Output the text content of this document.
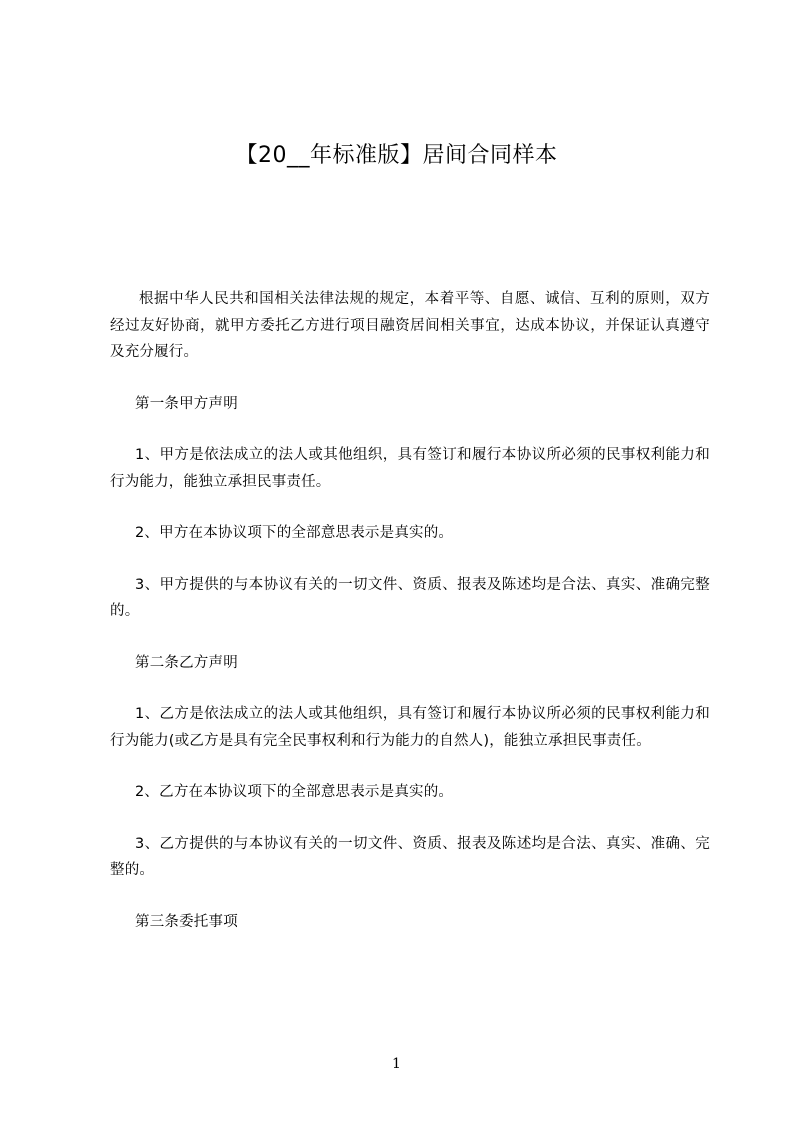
【20__年标准版】居间合同样本

根据中华人民共和国相关法律法规的规定，本着平等、自愿、诚信、互利的原则，双方经过友好协商，就甲方委托乙方进行项目融资居间相关事宜，达成本协议，并保证认真遵守及充分履行。

第一条甲方声明

1、甲方是依法成立的法人或其他组织，具有签订和履行本协议所必须的民事权利能力和行为能力，能独立承担民事责任。

2、甲方在本协议项下的全部意思表示是真实的。

3、甲方提供的与本协议有关的一切文件、资质、报表及陈述均是合法、真实、准确完整的。

第二条乙方声明

1、乙方是依法成立的法人或其他组织，具有签订和履行本协议所必须的民事权利能力和行为能力(或乙方是具有完全民事权利和行为能力的自然人)，能独立承担民事责任。

2、乙方在本协议项下的全部意思表示是真实的。

3、乙方提供的与本协议有关的一切文件、资质、报表及陈述均是合法、真实、准确、完整的。

第三条委托事项

1
